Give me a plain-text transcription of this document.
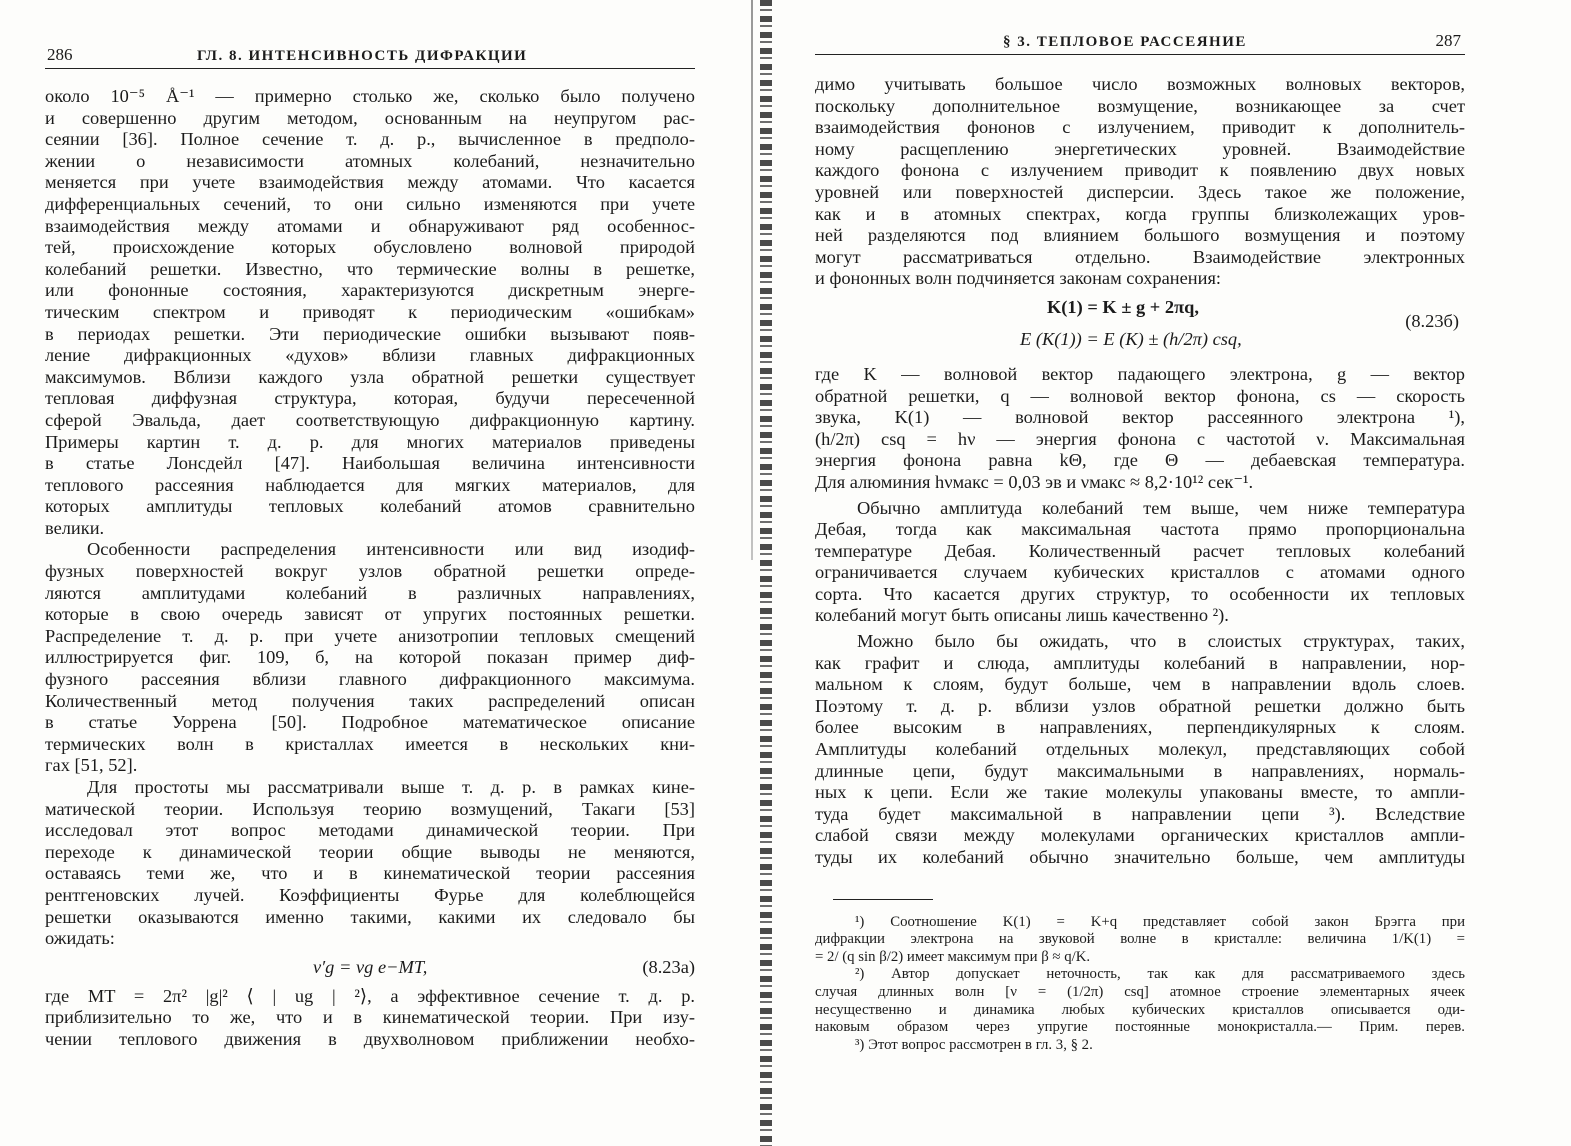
286	ГЛ. 8. ИНТЕНСИВНОСТЬ ДИФРАКЦИИ
около 10⁻⁵ Å⁻¹ — примерно столько же, сколько было получено
и совершенно другим методом, основанным на неупругом рас-
сеянии [36]. Полное сечение т. д. р., вычисленное в предполо-
жении о независимости атомных колебаний, незначительно
меняется при учете взаимодействия между атомами. Что касается
дифференциальных сечений, то они сильно изменяются при учете
взаимодействия между атомами и обнаруживают ряд особеннос-
тей, происхождение которых обусловлено волновой природой
колебаний решетки. Известно, что термические волны в решетке,
или фононные состояния, характеризуются дискретным энерге-
тическим спектром и приводят к периодическим «ошибкам»
в периодах решетки. Эти периодические ошибки вызывают появ-
ление дифракционных «духов» вблизи главных дифракционных
максимумов. Вблизи каждого узла обратной решетки существует
тепловая диффузная структура, которая, будучи пересеченной
сферой Эвальда, дает соответствующую дифракционную картину.
Примеры картин т. д. р. для многих материалов приведены
в статье Лонсдейл [47]. Наибольшая величина интенсивности
теплового рассеяния наблюдается для мягких материалов, для
которых амплитуды тепловых колебаний атомов сравнительно
велики.
Особенности распределения интенсивности или вид изодиф-
фузных поверхностей вокруг узлов обратной решетки опреде-
ляются амплитудами колебаний в различных направлениях,
которые в свою очередь зависят от упругих постоянных решетки.
Распределение т. д. р. при учете анизотропии тепловых смещений
иллюстрируется фиг. 109, б, на которой показан пример диф-
фузного рассеяния вблизи главного дифракционного максимума.
Количественный метод получения таких распределений описан
в статье Уоррена [50]. Подробное математическое описание
термических волн в кристаллах имеется в нескольких кни-
гах [51, 52].
Для простоты мы рассматривали выше т. д. р. в рамках кине-
матической теории. Используя теорию возмущений, Такаги [53]
исследовал этот вопрос методами динамической теории. При
переходе к динамической теории общие выводы не меняются,
оставаясь теми же, что и в кинематической теории рассеяния
рентгеновских лучей. Коэффициенты Фурье для колеблющейся
решетки оказываются именно такими, какими их следовало бы
ожидать:
v′g = vg e−MT,	(8.23а)
где MT = 2π² |g|² ⟨ | ug | ²⟩, а эффективное сечение т. д. р.
приблизительно то же, что и в кинематической теории. При изу-
чении теплового движения в двухволновом приближении необхо-
§ 3. ТЕПЛОВОЕ РАССЕЯНИЕ	287
димо учитывать большое число возможных волновых векторов,
поскольку дополнительное возмущение, возникающее за счет
взаимодействия фононов с излучением, приводит к дополнитель-
ному расщеплению энергетических уровней. Взаимодействие
каждого фонона с излучением приводит к появлению двух новых
уровней или поверхностей дисперсии. Здесь такое же положение,
как и в атомных спектрах, когда группы близколежащих уров-
ней разделяются под влиянием большого возмущения и поэтому
могут рассматриваться отдельно. Взаимодействие электронных
и фононных волн подчиняется законам сохранения:
K(1) = K ± g + 2πq,
E (K(1)) = E (K) ± (h/2π) csq,
(8.23б)
где K — волновой вектор падающего электрона, g — вектор
обратной решетки, q — волновой вектор фонона, cs — скорость
звука, K(1) — волновой вектор рассеянного электрона ¹),
(h/2π) csq = hν — энергия фонона с частотой ν. Максимальная
энергия фонона равна kΘ, где Θ — дебаевская температура.
Для алюминия hνмакс = 0,03 эв и νмакс ≈ 8,2·10¹² сек⁻¹.
Обычно амплитуда колебаний тем выше, чем ниже температура
Дебая, тогда как максимальная частота прямо пропорциональна
температуре Дебая. Количественный расчет тепловых колебаний
ограничивается случаем кубических кристаллов с атомами одного
сорта. Что касается других структур, то особенности их тепловых
колебаний могут быть описаны лишь качественно ²).
Можно было бы ожидать, что в слоистых структурах, таких,
как графит и слюда, амплитуды колебаний в направлении, нор-
мальном к слоям, будут больше, чем в направлении вдоль слоев.
Поэтому т. д. р. вблизи узлов обратной решетки должно быть
более высоким в направлениях, перпендикулярных к слоям.
Амплитуды колебаний отдельных молекул, представляющих собой
длинные цепи, будут максимальными в направлениях, нормаль-
ных к цепи. Если же такие молекулы упакованы вместе, то ампли-
туда будет максимальной в направлении цепи ³). Вследствие
слабой связи между молекулами органических кристаллов ампли-
туды их колебаний обычно значительно больше, чем амплитуды
¹) Соотношение K(1) = K+q представляет собой закон Брэгга при
дифракции электрона на звуковой волне в кристалле: величина 1/K(1) =
= 2/ (q sin β/2) имеет максимум при β ≈ q/K.
²) Автор допускает неточность, так как для рассматриваемого здесь
случая длинных волн [ν = (1/2π) csq] атомное строение элементарных ячеек
несущественно и динамика любых кубических кристаллов описывается оди-
наковым образом через упругие постоянные монокристалла.— Прим. перев.
³) Этот вопрос рассмотрен в гл. 3, § 2.
